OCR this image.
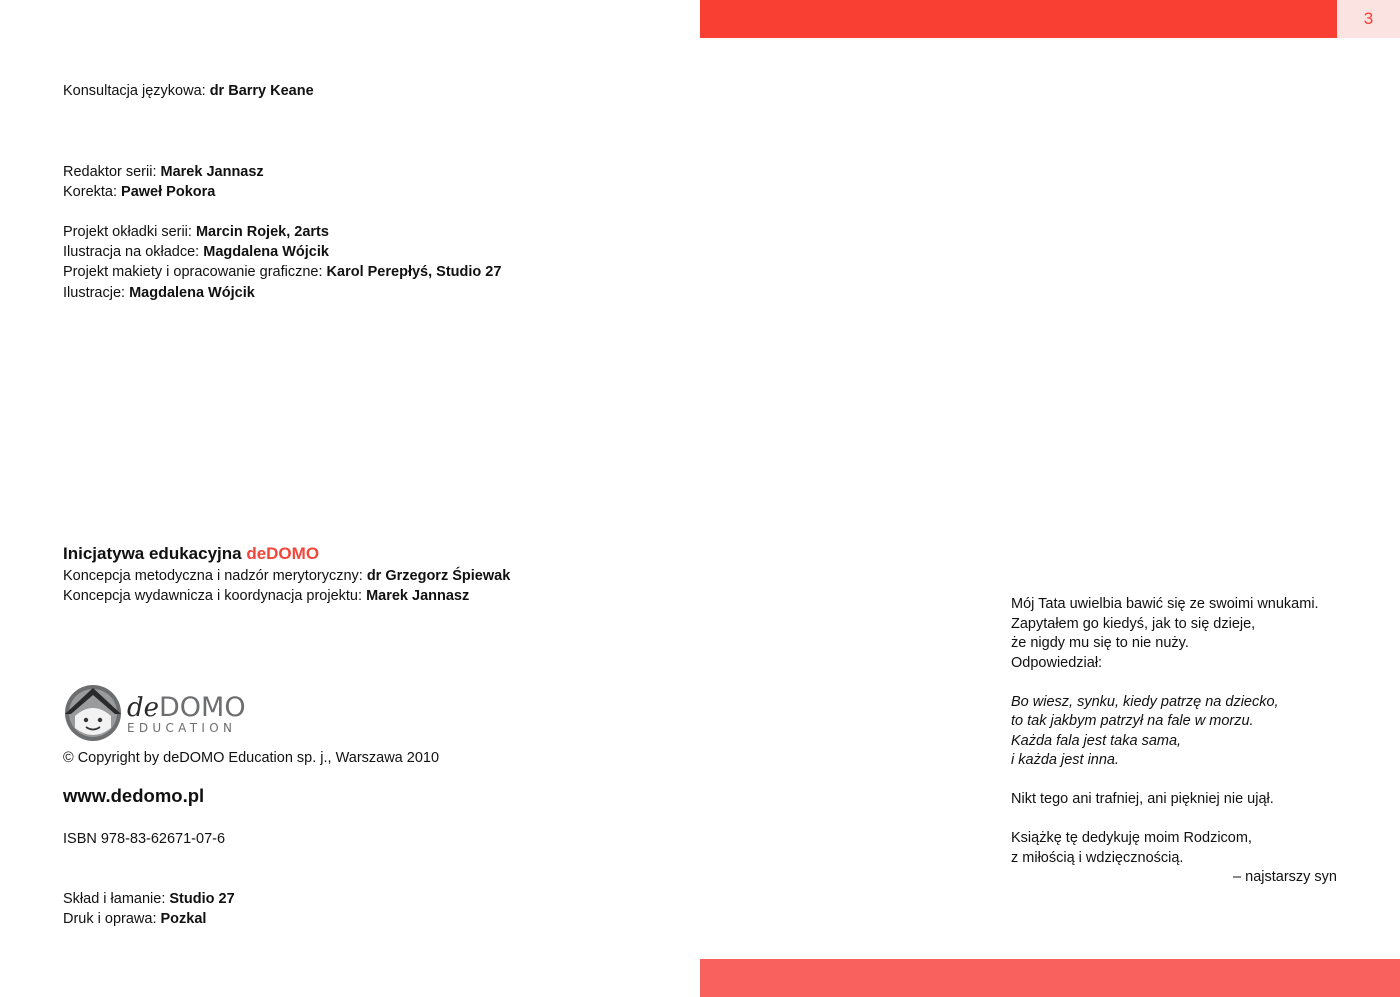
3
Konsultacja językowa: dr Barry Keane
Redaktor serii: Marek Jannasz
Korekta: Paweł Pokora
Projekt okładki serii: Marcin Rojek, 2arts
Ilustracja na okładce: Magdalena Wójcik
Projekt makiety i opracowanie graficzne: Karol Perepłyś, Studio 27
Ilustracje: Magdalena Wójcik
Inicjatywa edukacyjna deDOMO
Koncepcja metodyczna i nadzór merytoryczny: dr Grzegorz Śpiewak
Koncepcja wydawnicza i koordynacja projektu: Marek Jannasz
de DOMO
EDUCATION
© Copyright by deDOMO Education sp. j., Warszawa 2010
www.dedomo.pl
ISBN 978-83-62671-07-6
Skład i łamanie: Studio 27
Druk i oprawa: Pozkal
Mój Tata uwielbia bawić się ze swoimi wnukami.
Zapytałem go kiedyś, jak to się dzieje,
że nigdy mu się to nie nuży.
Odpowiedział:

Bo wiesz, synku, kiedy patrzę na dziecko,
to tak jakbym patrzył na fale w morzu.
Każda fala jest taka sama,
i każda jest inna.

Nikt tego ani trafniej, ani piękniej nie ujął.

Książkę tę dedykuję moim Rodzicom,
z miłością i wdzięcznością.
– najstarszy syn
